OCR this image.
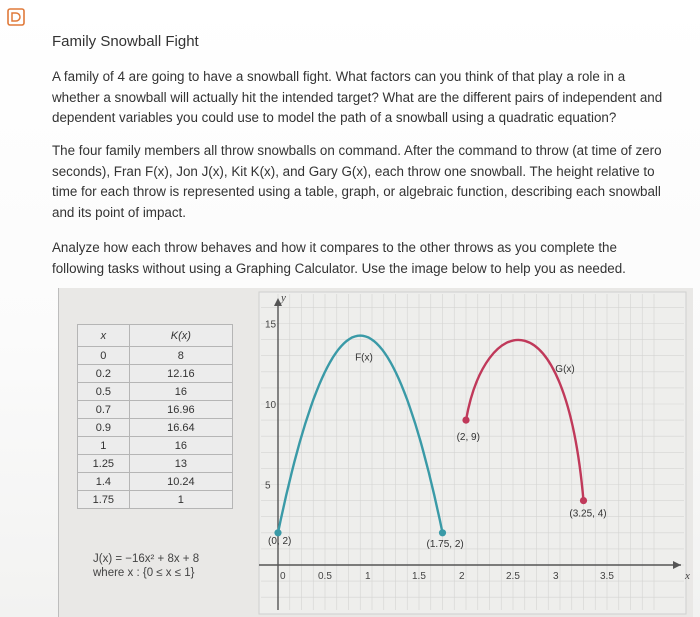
Family Snowball Fight

A family of 4 are going to have a snowball fight. What factors can you think of that play a role in a whether a snowball will actually hit the intended target? What are the different pairs of independent and dependent variables you could use to model the path of a snowball using a quadratic equation?

The four family members all throw snowballs on command. After the command to throw (at time of zero seconds), Fran F(x), Jon J(x), Kit K(x), and Gary G(x), each throw one snowball. The height relative to time for each throw is represented using a table, graph, or algebraic function, describing each snowball and its point of impact.

Analyze how each throw behaves and how it compares to the other throws as you complete the following tasks without using a Graphing Calculator. Use the image below to help you as needed.

y
x
15
10
5
0	0.5	1	1.5	2	2.5	3	3.5
F(x)
G(x)
(0, 2)	(1.75, 2)
(2, 9)
(3.25, 4)
x	K(x)
0	8
0.2	12.16
0.5	16
0.7	16.96
0.9	16.64
1	16
1.25	13
1.4	10.24
1.75	1
J(x) = −16x² + 8x + 8
where x : {0 ≤ x ≤ 1}
